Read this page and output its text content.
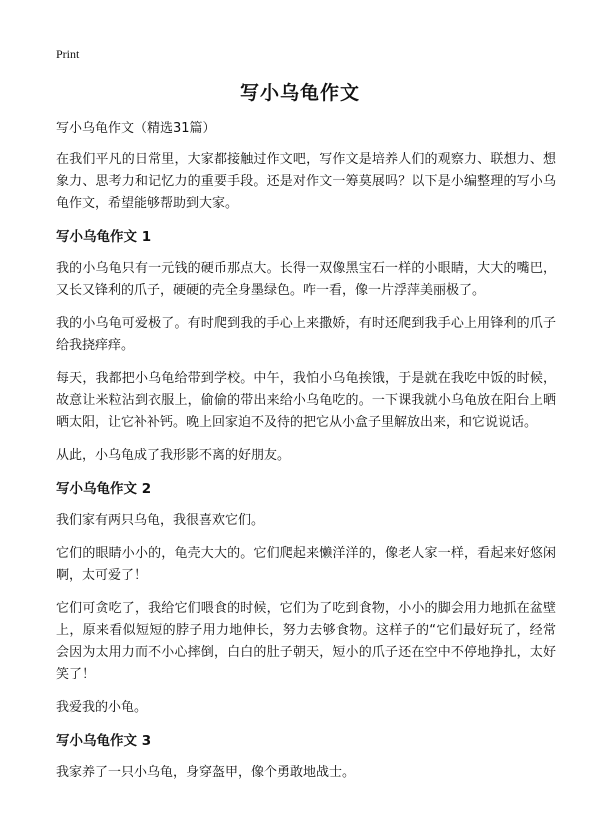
Print
写小乌龟作文
写小乌龟作文（精选31篇）

在我们平凡的日常里，大家都接触过作文吧，写作文是培养人们的观察力、联想力、想象力、思考力和记忆力的重要手段。还是对作文一筹莫展吗？以下是小编整理的写小乌龟作文，希望能够帮助到大家。

写小乌龟作文 1

我的小乌龟只有一元钱的硬币那点大。长得一双像黑宝石一样的小眼睛，大大的嘴巴，又长又锋利的爪子，硬硬的壳全身墨绿色。咋一看，像一片浮萍美丽极了。

我的小乌龟可爱极了。有时爬到我的手心上来撒娇，有时还爬到我手心上用锋利的爪子给我挠痒痒。

每天，我都把小乌龟给带到学校。中午，我怕小乌龟挨饿，于是就在我吃中饭的时候，故意让米粒沾到衣服上，偷偷的带出来给小乌龟吃的。一下课我就小乌龟放在阳台上晒晒太阳，让它补补钙。晚上回家迫不及待的把它从小盒子里解放出来，和它说说话。

从此，小乌龟成了我形影不离的好朋友。

写小乌龟作文 2

我们家有两只乌龟，我很喜欢它们。

它们的眼睛小小的，龟壳大大的。它们爬起来懒洋洋的，像老人家一样，看起来好悠闲啊，太可爱了！

它们可贪吃了，我给它们喂食的时候，它们为了吃到食物，小小的脚会用力地抓在盆壁上，原来看似短短的脖子用力地伸长，努力去够食物。这样子的“它们最好玩了，经常会因为太用力而不小心摔倒，白白的肚子朝天，短小的爪子还在空中不停地挣扎，太好笑了！

我爱我的小龟。

写小乌龟作文 3

我家养了一只小乌龟，身穿盔甲，像个勇敢地战士。
